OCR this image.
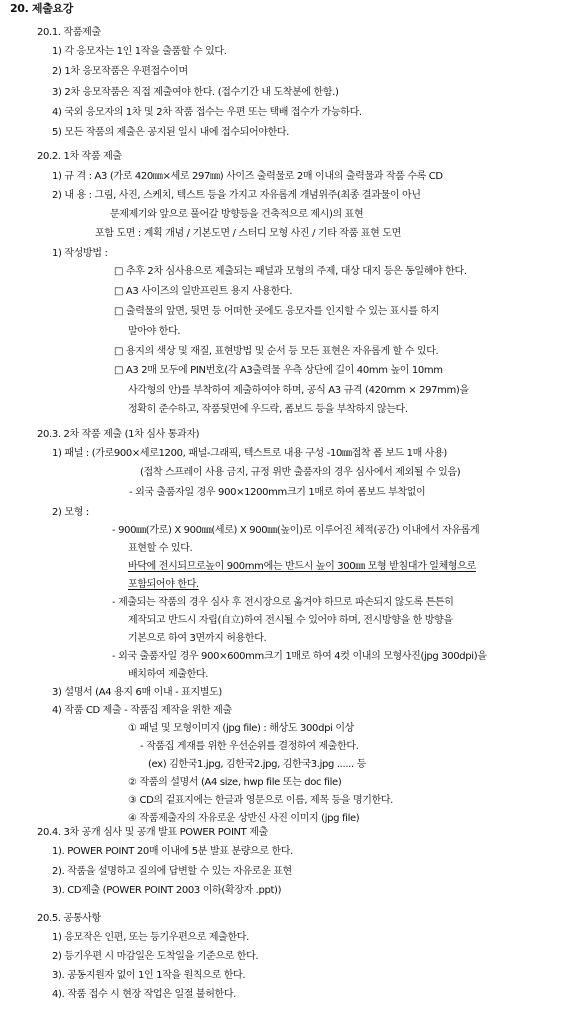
20. 제출요강
20.1. 작품제출
1) 각 응모자는 1인 1작을 출품할 수 있다.
2) 1차 응모작품은 우편접수이며
3) 2차 응모작품은 직접 제출여야 한다. (접수기간 내 도착분에 한함.)
4) 국외 응모자의 1차 및 2차 작품 접수는 우편 또는 택배 접수가 가능하다.
5) 모든 작품의 제출은 공지된 일시 내에 접수되어야한다.
20.2. 1차 작품 제출
1) 규 격 : A3 (가로 420㎜×세로 297㎜) 사이즈 출력물로 2매 이내의 출력물과 작품 수록 CD
2) 내 용 : 그림, 사진, 스케치, 텍스트 등을 가지고 자유롭게 개념위주(최종 결과물이 아닌
문제제기와 앞으로 풀어갈 방향등을 건축적으로 제시)의 표현
포함 도면 : 계획 개념 / 기본도면 / 스터디 모형 사진 / 기타 작품 표현 도면
1) 작성방법 :
□ 추후 2차 심사용으로 제출되는 패널과 모형의 주제, 대상 대지 등은 동일해야 한다.
□ A3 사이즈의 일반프린트 용지 사용한다.
□ 출력물의 앞면, 뒷면 등 어떠한 곳에도 응모자를 인지할 수 있는 표시를 하지
말아야 한다.
□ 용지의 색상 및 재질, 표현방법 및 순서 등 모든 표현은 자유롭게 할 수 있다.
□ A3 2매 모두에 PIN번호(각 A3출력물 우측 상단에 길이 40mm 높이 10mm
사각형의 안)를 부착하여 제출하여야 하며, 공식 A3 규격 (420mm × 297mm)을
정확히 준수하고, 작품뒷면에 우드락, 폼보드 등을 부착하지 않는다.
20.3. 2차 작품 제출 (1차 심사 통과자)
1) 패널 : (가로900×세로1200, 패널-그래픽, 텍스트로 내용 구성 -10㎜접착 폼 보드 1매 사용)
(접착 스프레이 사용 금지, 규정 위반 출품자의 경우 심사에서 제외될 수 있음)
- 외국 출품자일 경우 900×1200mm크기 1매로 하여 폼보드 부착없이
2) 모형 :
- 900㎜(가로) X 900㎜(세로) X 900㎜(높이)로 이루어진 체적(공간) 이내에서 자유롭게
표현할 수 있다.
바닥에 전시되므로높이 900mm에는 반드시 높이 300㎜ 모형 받침대가 일체형으로
포함되어야 한다.
- 제출되는 작품의 경우 심사 후 전시장으로 옮겨야 하므로 파손되지 않도록 튼튼히
제작되고 반드시 자립(自立)하여 전시될 수 있어야 하며, 전시방향을 한 방향을
기본으로 하여 3면까지 허용한다.
- 외국 출품자일 경우 900×600mm크기 1매로 하여 4컷 이내의 모형사진(jpg 300dpi)을
배치하여 제출한다.
3) 설명서 (A4 용지 6매 이내 - 표지별도)
4) 작품 CD 제출 - 작품집 제작을 위한 제출
① 패널 및 모형이미지 (jpg file) : 해상도 300dpi 이상
- 작품집 게재를 위한 우선순위를 결정하여 제출한다.
(ex) 김한국1.jpg, 김한국2.jpg, 김한국3.jpg ...... 등
② 작품의 설명서 (A4 size, hwp file 또는 doc file)
③ CD의 겉표지에는 한글과 영문으로 이름, 제목 등을 명기한다.
④ 작품제출자의 자유로운 상반신 사진 이미지 (jpg file)
20.4. 3차 공개 심사 및 공개 발표 POWER POINT 제출
1). POWER POINT 20매 이내에 5분 발표 분량으로 한다.
2). 작품을 설명하고 질의에 답변할 수 있는 자유로운 표현
3). CD제출 (POWER POINT 2003 이하(확장자 .ppt))
20.5. 공통사항
1) 응모작은 인편, 또는 등기우편으로 제출한다.
2) 등기우편 시 마감일은 도착일을 기준으로 한다.
3). 공동지원자 없이 1인 1작을 원칙으로 한다.
4). 작품 접수 시 현장 작업은 일절 불허한다.
